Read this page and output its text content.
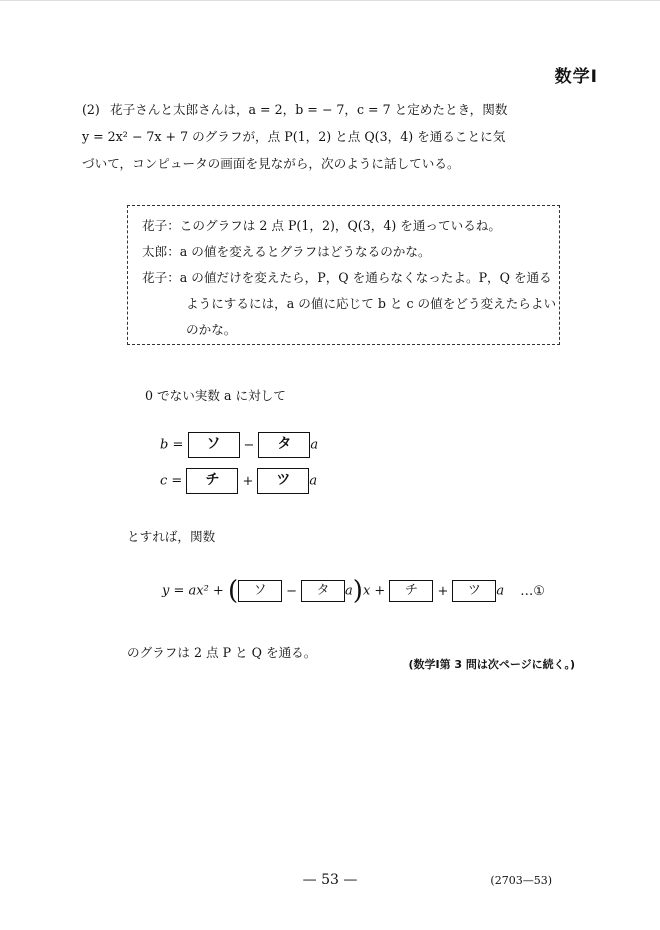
数学Ⅰ
(2) 花子さんと太郎さんは，a = 2，b = − 7，c = 7 と定めたとき，関数
y = 2x² − 7x + 7 のグラフが，点 P(1，2) と点 Q(3，4) を通ることに気
づいて，コンピュータの画面を見ながら，次のように話している。
花子：このグラフは 2 点 P(1，2)，Q(3，4) を通っているね。
太郎：a の値を変えるとグラフはどうなるのかな。
花子：a の値だけを変えたら，P，Q を通らなくなったよ。P，Q を通る
ようにするには，a の値に応じて b と c の値をどう変えたらよい
のかな。
0 でない実数 a に対して
b = ソ − タ a
c = チ + ツ a
とすれば，関数
y = ax² + ( ソ − タ a)x + チ + ツ a …①
のグラフは 2 点 P と Q を通る。
(数学Ⅰ第 3 問は次ページに続く。)
— 53 —	(2703—53)
